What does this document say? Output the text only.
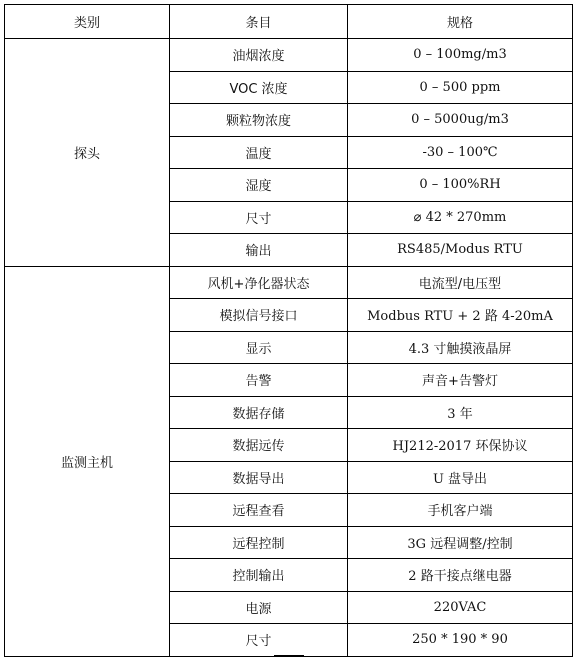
类别	条目	规格
探头	油烟浓度	0 – 100mg/m3
	VOC 浓度	0 – 500 ppm
	颗粒物浓度	0 – 5000ug/m3
	温度	-30 – 100℃
	湿度	0 – 100%RH
	尺寸	⌀ 42 * 270mm
	输出	RS485/Modus RTU
监测主机	风机+净化器状态	电流型/电压型
	模拟信号接口	Modbus RTU + 2 路 4-20mA
	显示	4.3 寸触摸液晶屏
	告警	声音+告警灯
	数据存储	3 年
	数据远传	HJ212-2017 环保协议
	数据导出	U 盘导出
	远程查看	手机客户端
	远程控制	3G 远程调整/控制
	控制输出	2 路干接点继电器
	电源	220VAC
	尺寸	250 * 190 * 90
